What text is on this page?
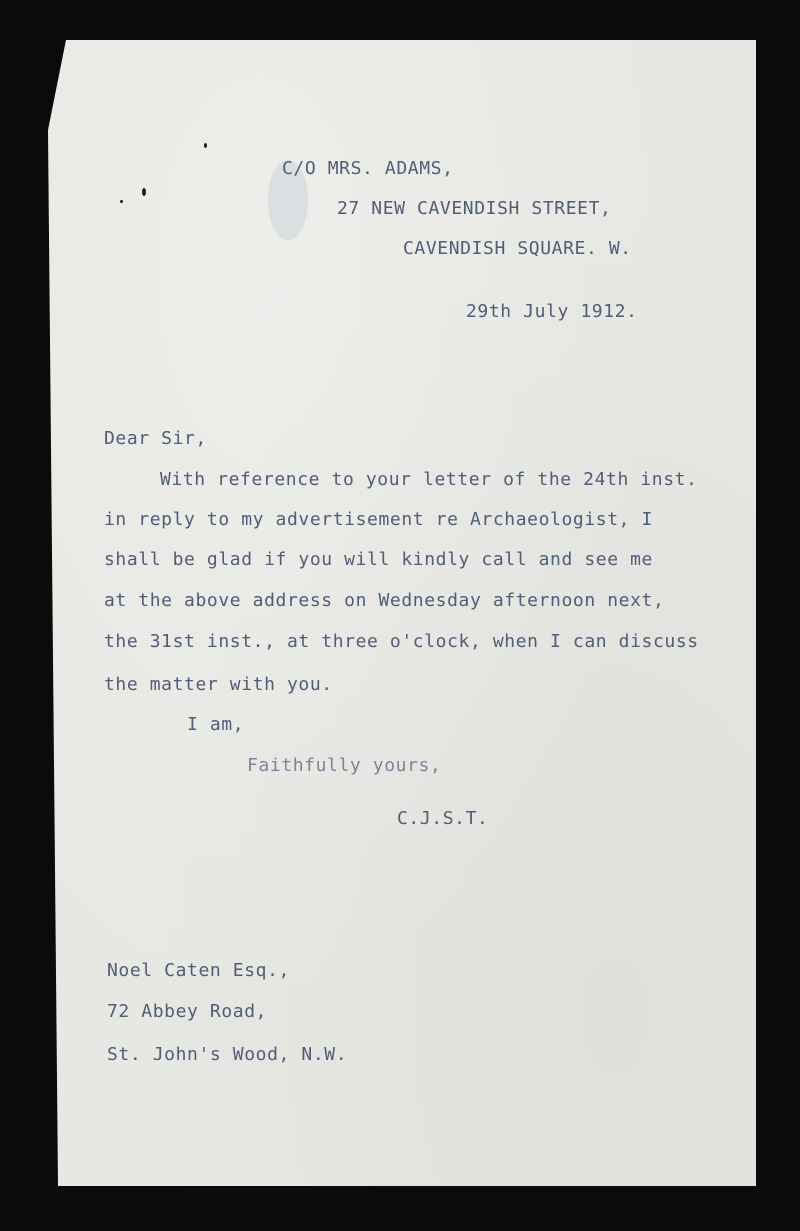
C/O MRS. ADAMS,
27 NEW CAVENDISH STREET,
CAVENDISH SQUARE. W.
29th July 1912.
Dear Sir,
With reference to your letter of the 24th inst.
in reply to my advertisement re Archaeologist, I
shall be glad if you will kindly call and see me
at the above address on Wednesday afternoon next,
the 31st inst., at three o'clock, when I can discuss
the matter with you.
I am,
Faithfully yours,
C.J.S.T.
Noel Caten Esq.,
72 Abbey Road,
St. John's Wood, N.W.
